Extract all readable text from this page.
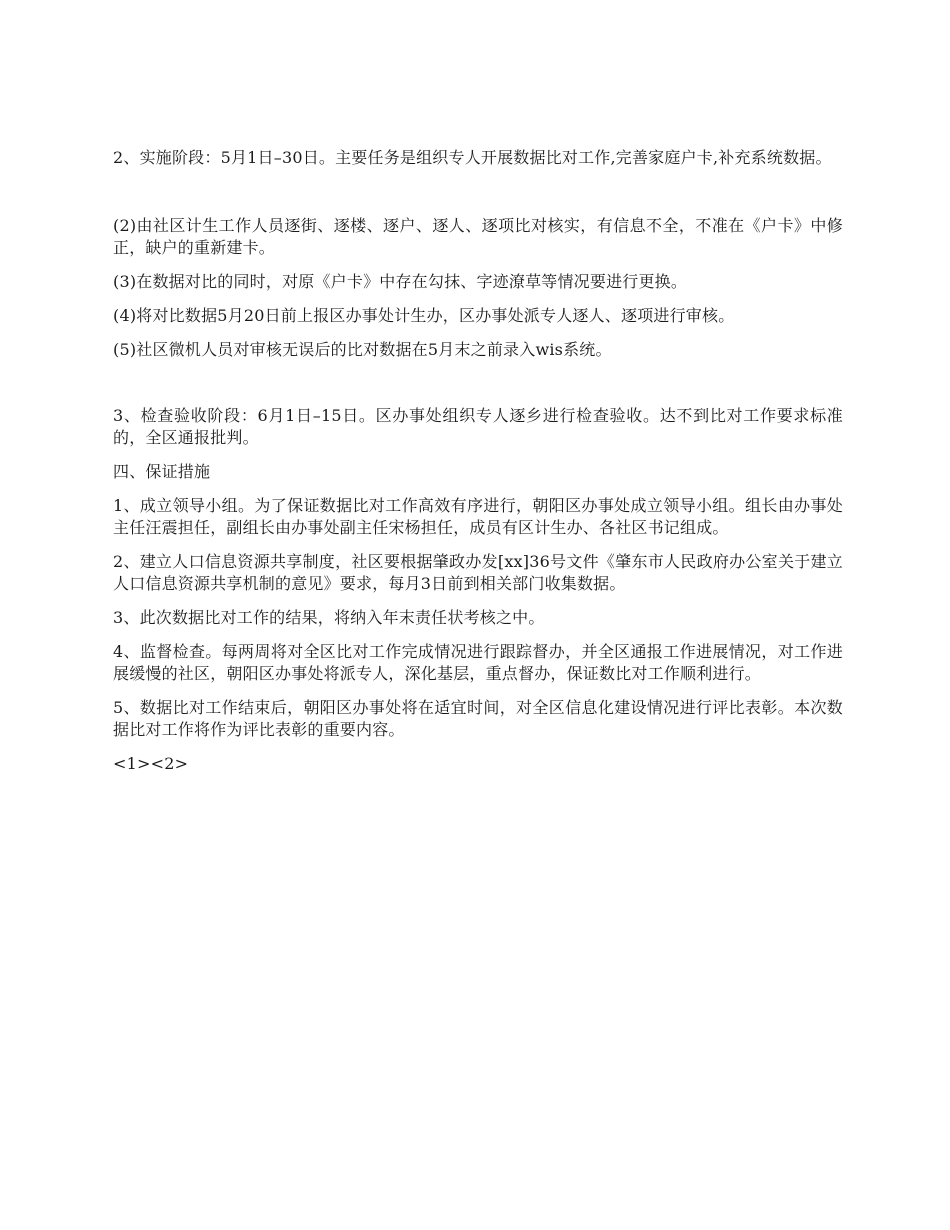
2、实施阶段：5月1日–30日。主要任务是组织专人开展数据比对工作,完善家庭户卡,补充系统数据。

(2)由社区计生工作人员逐街、逐楼、逐户、逐人、逐项比对核实，有信息不全，不准在《户卡》中修正，缺户的重新建卡。

(3)在数据对比的同时，对原《户卡》中存在勾抹、字迹潦草等情况要进行更换。

(4)将对比数据5月20日前上报区办事处计生办，区办事处派专人逐人、逐项进行审核。

(5)社区微机人员对审核无误后的比对数据在5月末之前录入wis系统。

3、检查验收阶段：6月1日–15日。区办事处组织专人逐乡进行检查验收。达不到比对工作要求标准的，全区通报批判。

四、保证措施

1、成立领导小组。为了保证数据比对工作高效有序进行，朝阳区办事处成立领导小组。组长由办事处主任汪震担任，副组长由办事处副主任宋杨担任，成员有区计生办、各社区书记组成。

2、建立人口信息资源共享制度，社区要根据肇政办发[xx]36号文件《肇东市人民政府办公室关于建立人口信息资源共享机制的意见》要求，每月3日前到相关部门收集数据。

3、此次数据比对工作的结果，将纳入年末责任状考核之中。

4、监督检查。每两周将对全区比对工作完成情况进行跟踪督办，并全区通报工作进展情况，对工作进展缓慢的社区，朝阳区办事处将派专人，深化基层，重点督办，保证数比对工作顺利进行。

5、数据比对工作结束后，朝阳区办事处将在适宜时间，对全区信息化建设情况进行评比表彰。本次数据比对工作将作为评比表彰的重要内容。

<1><2>
